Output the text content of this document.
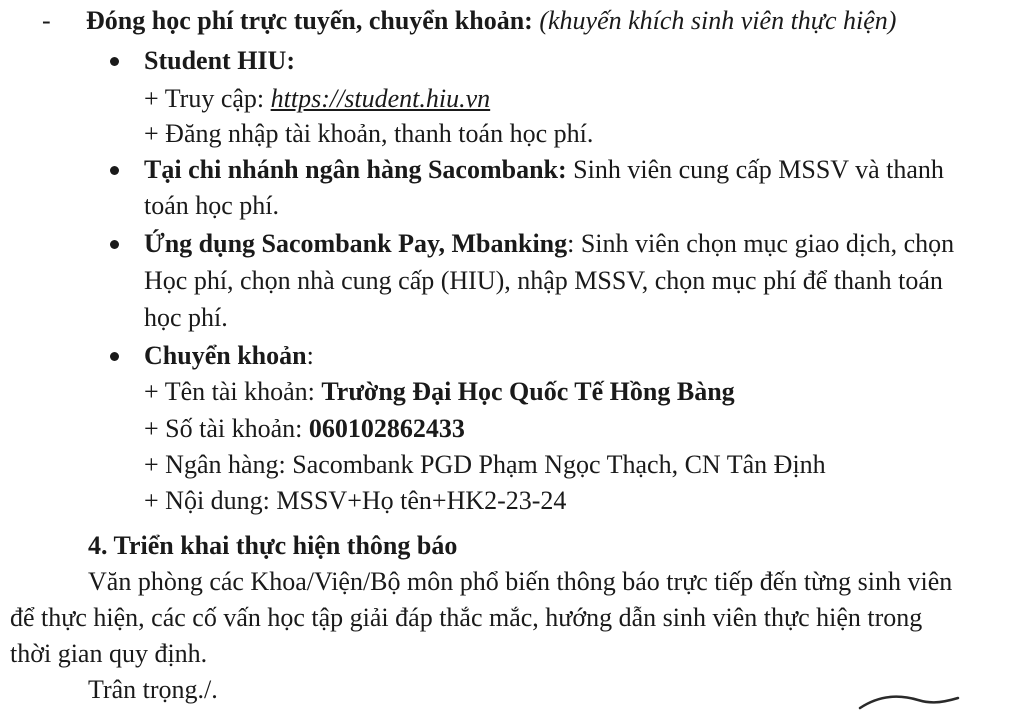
- Đóng học phí trực tuyến, chuyển khoản: (khuyến khích sinh viên thực hiện)
Student HIU:
+ Truy cập: https://student.hiu.vn
+ Đăng nhập tài khoản, thanh toán học phí.
Tại chi nhánh ngân hàng Sacombank: Sinh viên cung cấp MSSV và thanh
toán học phí.
Ứng dụng Sacombank Pay, Mbanking: Sinh viên chọn mục giao dịch, chọn
Học phí, chọn nhà cung cấp (HIU), nhập MSSV, chọn mục phí để thanh toán
học phí.
Chuyển khoản:
+ Tên tài khoản: Trường Đại Học Quốc Tế Hồng Bàng
+ Số tài khoản: 060102862433
+ Ngân hàng: Sacombank PGD Phạm Ngọc Thạch, CN Tân Định
+ Nội dung: MSSV+Họ tên+HK2-23-24
4. Triển khai thực hiện thông báo
Văn phòng các Khoa/Viện/Bộ môn phổ biến thông báo trực tiếp đến từng sinh viên
để thực hiện, các cố vấn học tập giải đáp thắc mắc, hướng dẫn sinh viên thực hiện trong
thời gian quy định.
Trân trọng./.
